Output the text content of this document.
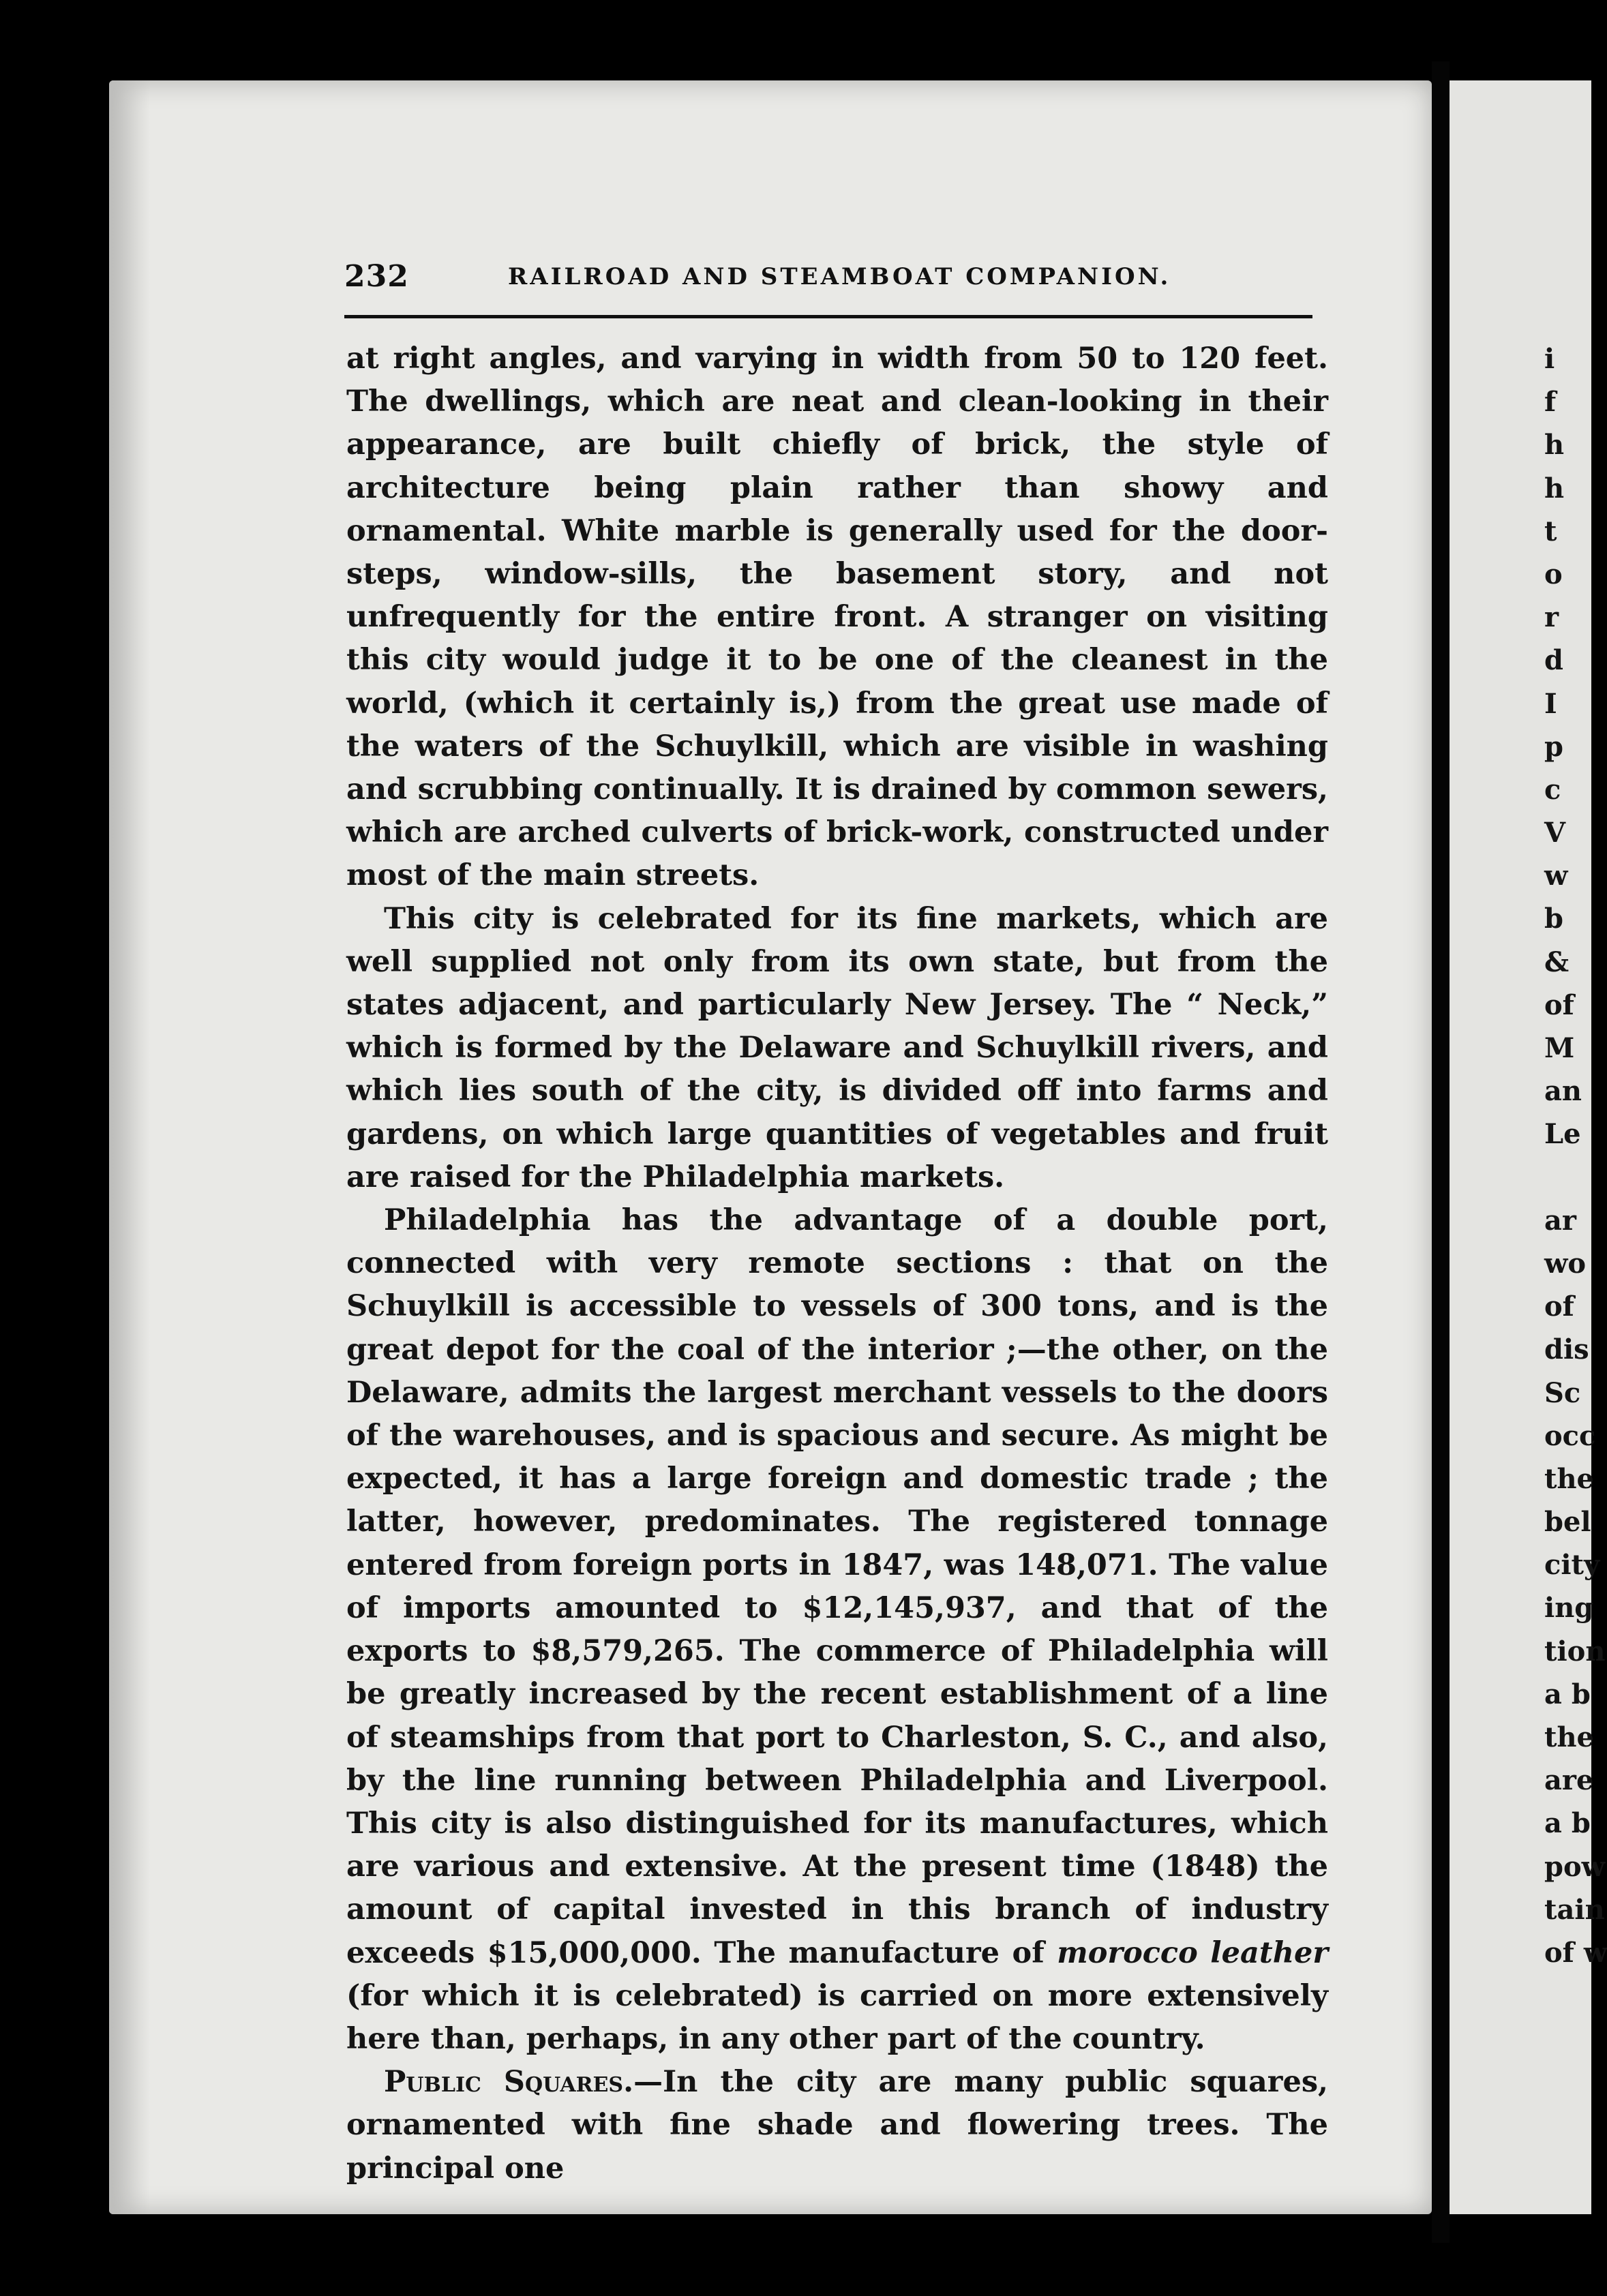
232	RAILROAD AND STEAMBOAT COMPANION.

at right angles, and varying in width from 50 to 120 feet. The dwellings, which are neat and clean-looking in their appearance, are built chiefly of brick, the style of architecture being plain rather than showy and ornamental. White marble is generally used for the door-steps, window-sills, the basement story, and not unfrequently for the entire front. A stranger on visiting this city would judge it to be one of the cleanest in the world, (which it certainly is,) from the great use made of the waters of the Schuylkill, which are visible in washing and scrubbing continually. It is drained by common sewers, which are arched culverts of brick-work, constructed under most of the main streets.

This city is celebrated for its fine markets, which are well supplied not only from its own state, but from the states adjacent, and particularly New Jersey. The “ Neck,” which is formed by the Delaware and Schuylkill rivers, and which lies south of the city, is divided off into farms and gardens, on which large quantities of vegetables and fruit are raised for the Philadelphia markets.

Philadelphia has the advantage of a double port, connected with very remote sections : that on the Schuylkill is accessible to vessels of 300 tons, and is the great depot for the coal of the interior ;—the other, on the Delaware, admits the largest merchant vessels to the doors of the warehouses, and is spacious and secure. As might be expected, it has a large foreign and domestic trade ; the latter, however, predominates. The registered tonnage entered from foreign ports in 1847, was 148,071. The value of imports amounted to $12,145,937, and that of the exports to $8,579,265. The commerce of Philadelphia will be greatly increased by the recent establishment of a line of steamships from that port to Charleston, S. C., and also, by the line running between Philadelphia and Liverpool. This city is also distinguished for its manufactures, which are various and extensive. At the present time (1848) the amount of capital invested in this branch of industry exceeds $15,000,000. The manufacture of morocco leather (for which it is celebrated) is carried on more extensively here than, perhaps, in any other part of the country.

Public Squares.—In the city are many public squares, ornamented with fine shade and flowering trees. The principal one

i
f
h
h
t
o
r
d
I
p
c
V
w
b
&
of
M
an
Le
ar
wo
of
dis
Sc
occ
the
bel
city
ing
tion
a b
the
are
a b
pow
tain
of w
